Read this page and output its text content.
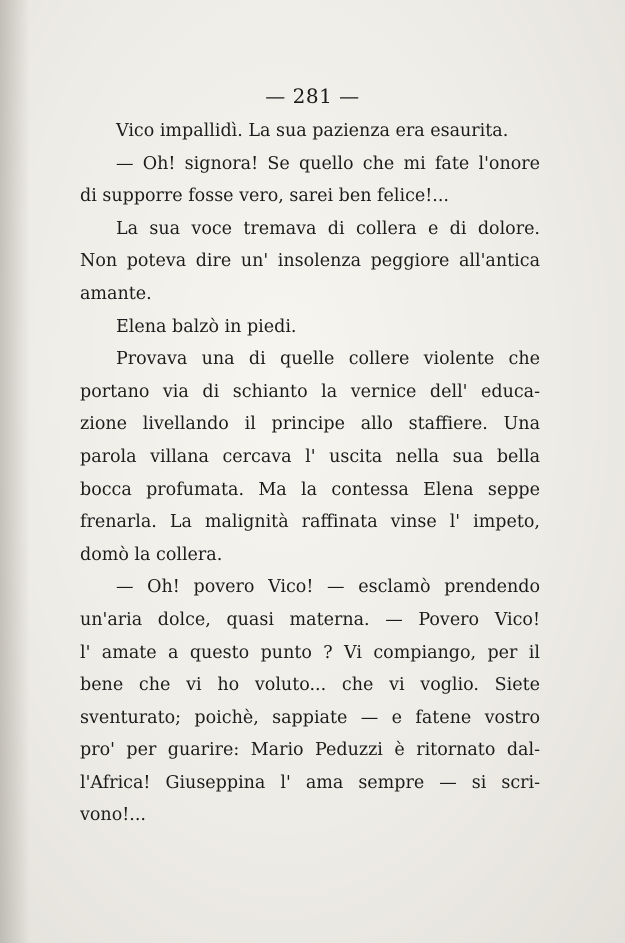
— 281 —

Vico impallidì. La sua pazienza era esaurita.
— Oh! signora! Se quello che mi fate l'onore
di supporre fosse vero, sarei ben felice!...
La sua voce tremava di collera e di dolore.
Non poteva dire un' insolenza peggiore all'antica
amante.
Elena balzò in piedi.
Provava una di quelle collere violente che
portano via di schianto la vernice dell' educa-
zione livellando il principe allo staffiere. Una
parola villana cercava l' uscita nella sua bella
bocca profumata. Ma la contessa Elena seppe
frenarla. La malignità raffinata vinse l' impeto,
domò la collera.
— Oh! povero Vico! — esclamò prendendo
un'aria dolce, quasi materna. — Povero Vico!
l' amate a questo punto ? Vi compiango, per il
bene che vi ho voluto... che vi voglio. Siete
sventurato; poichè, sappiate — e fatene vostro
pro' per guarire: Mario Peduzzi è ritornato dal-
l'Africa! Giuseppina l' ama sempre — si scri-
vono!...
